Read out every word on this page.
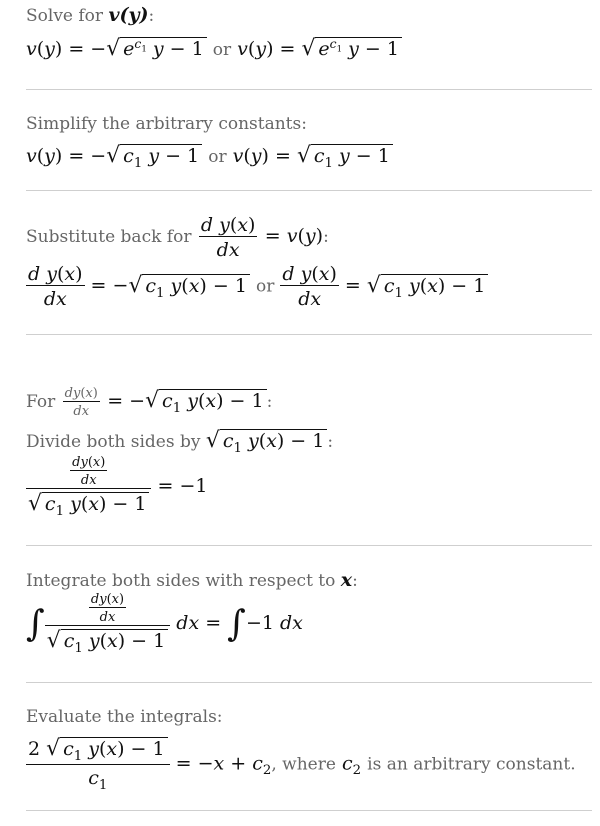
Solve for v(y):
v(y) = −√ $e^{c_1}$ y − 1 or v(y) = √ $e^{c_1}$ y − 1
Simplify the arbitrary constants:
v(y) = −√ $c_1$ y − 1 or v(y) = √ $c_1$ y − 1
Substitute back for $\frac{\text{d y(x)}}{dx} = v(y)$:
$\frac{\text{d y(x)}}{dx}$ = −√ $c_1$ y(x) − 1 or $\frac{\text{d y(x)}}{dx}$ = √ $c_1$ y(x) − 1
For $\frac{dy(x)}{dx}$ = −√ $c_1$ y(x) − 1 :
Divide both sides by √ $c_1$ y(x) − 1 :
$\frac{\frac{dy(x)}{dx}}{√ c_1 y(x) - 1} = -1$
Integrate both sides with respect to x:
∫ $\frac{\frac{dy(x)}{dx}}{√ c_1 y(x) - 1}$ dx = ∫−1 dx
Evaluate the integrals:
$\frac{2 √ c_1 y(x) - 1}{c_1} = -x + c_2$, where $c_2$ is an arbitrary constant.
